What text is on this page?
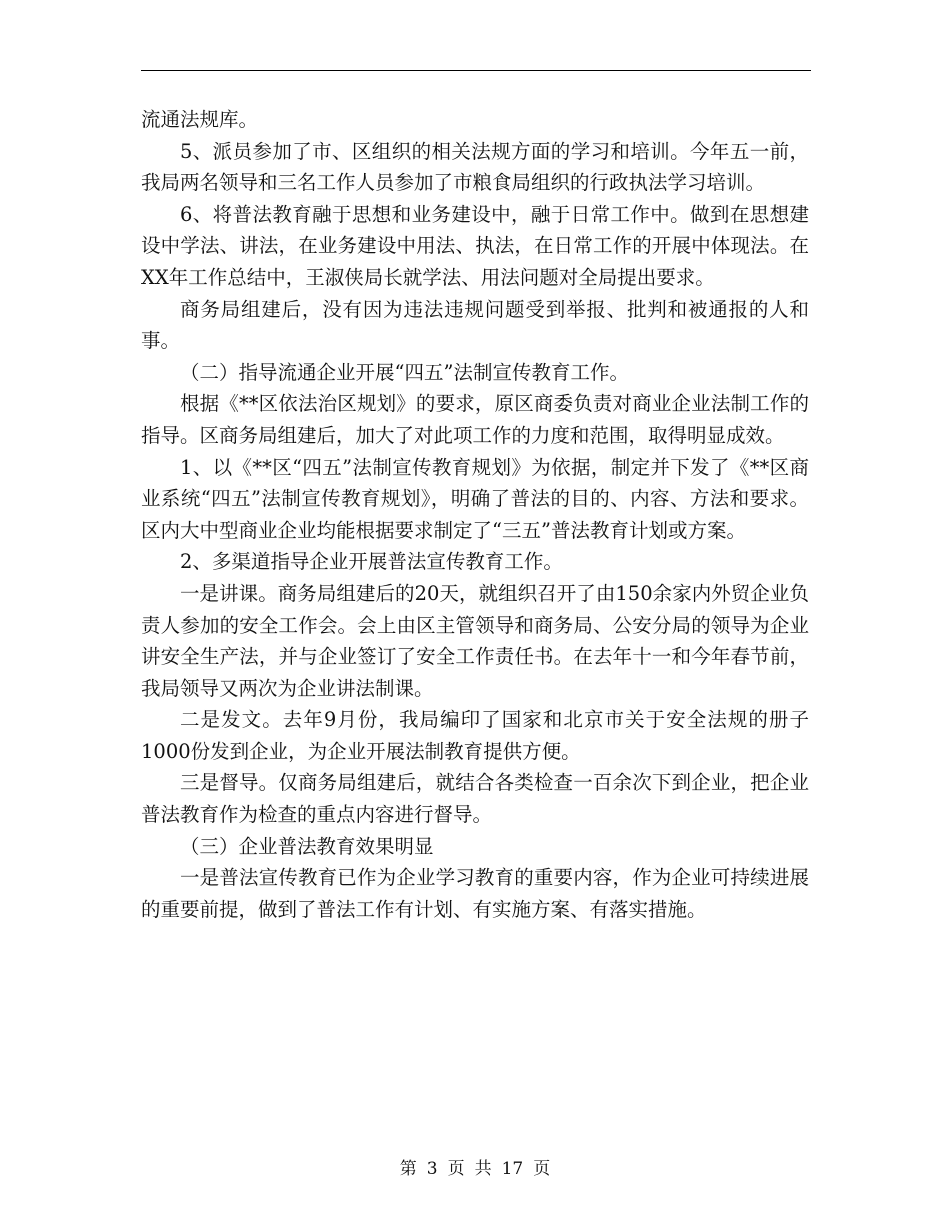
流通法规库。

5、派员参加了市、区组织的相关法规方面的学习和培训。今年五一前，我局两名领导和三名工作人员参加了市粮食局组织的行政执法学习培训。

6、将普法教育融于思想和业务建设中，融于日常工作中。做到在思想建设中学法、讲法，在业务建设中用法、执法，在日常工作的开展中体现法。在XX年工作总结中，王淑侠局长就学法、用法问题对全局提出要求。

商务局组建后，没有因为违法违规问题受到举报、批判和被通报的人和事。

（二）指导流通企业开展“四五”法制宣传教育工作。

根据《**区依法治区规划》的要求，原区商委负责对商业企业法制工作的指导。区商务局组建后，加大了对此项工作的力度和范围，取得明显成效。

1、以《**区“四五”法制宣传教育规划》为依据，制定并下发了《**区商业系统“四五”法制宣传教育规划》，明确了普法的目的、内容、方法和要求。区内大中型商业企业均能根据要求制定了“三五”普法教育计划或方案。

2、多渠道指导企业开展普法宣传教育工作。

一是讲课。商务局组建后的20天，就组织召开了由150余家内外贸企业负责人参加的安全工作会。会上由区主管领导和商务局、公安分局的领导为企业讲安全生产法，并与企业签订了安全工作责任书。在去年十一和今年春节前，我局领导又两次为企业讲法制课。

二是发文。去年9月份，我局编印了国家和北京市关于安全法规的册子1000份发到企业，为企业开展法制教育提供方便。

三是督导。仅商务局组建后，就结合各类检查一百余次下到企业，把企业普法教育作为检查的重点内容进行督导。

（三）企业普法教育效果明显

一是普法宣传教育已作为企业学习教育的重要内容，作为企业可持续进展的重要前提，做到了普法工作有计划、有实施方案、有落实措施。

第 3 页 共 17 页
